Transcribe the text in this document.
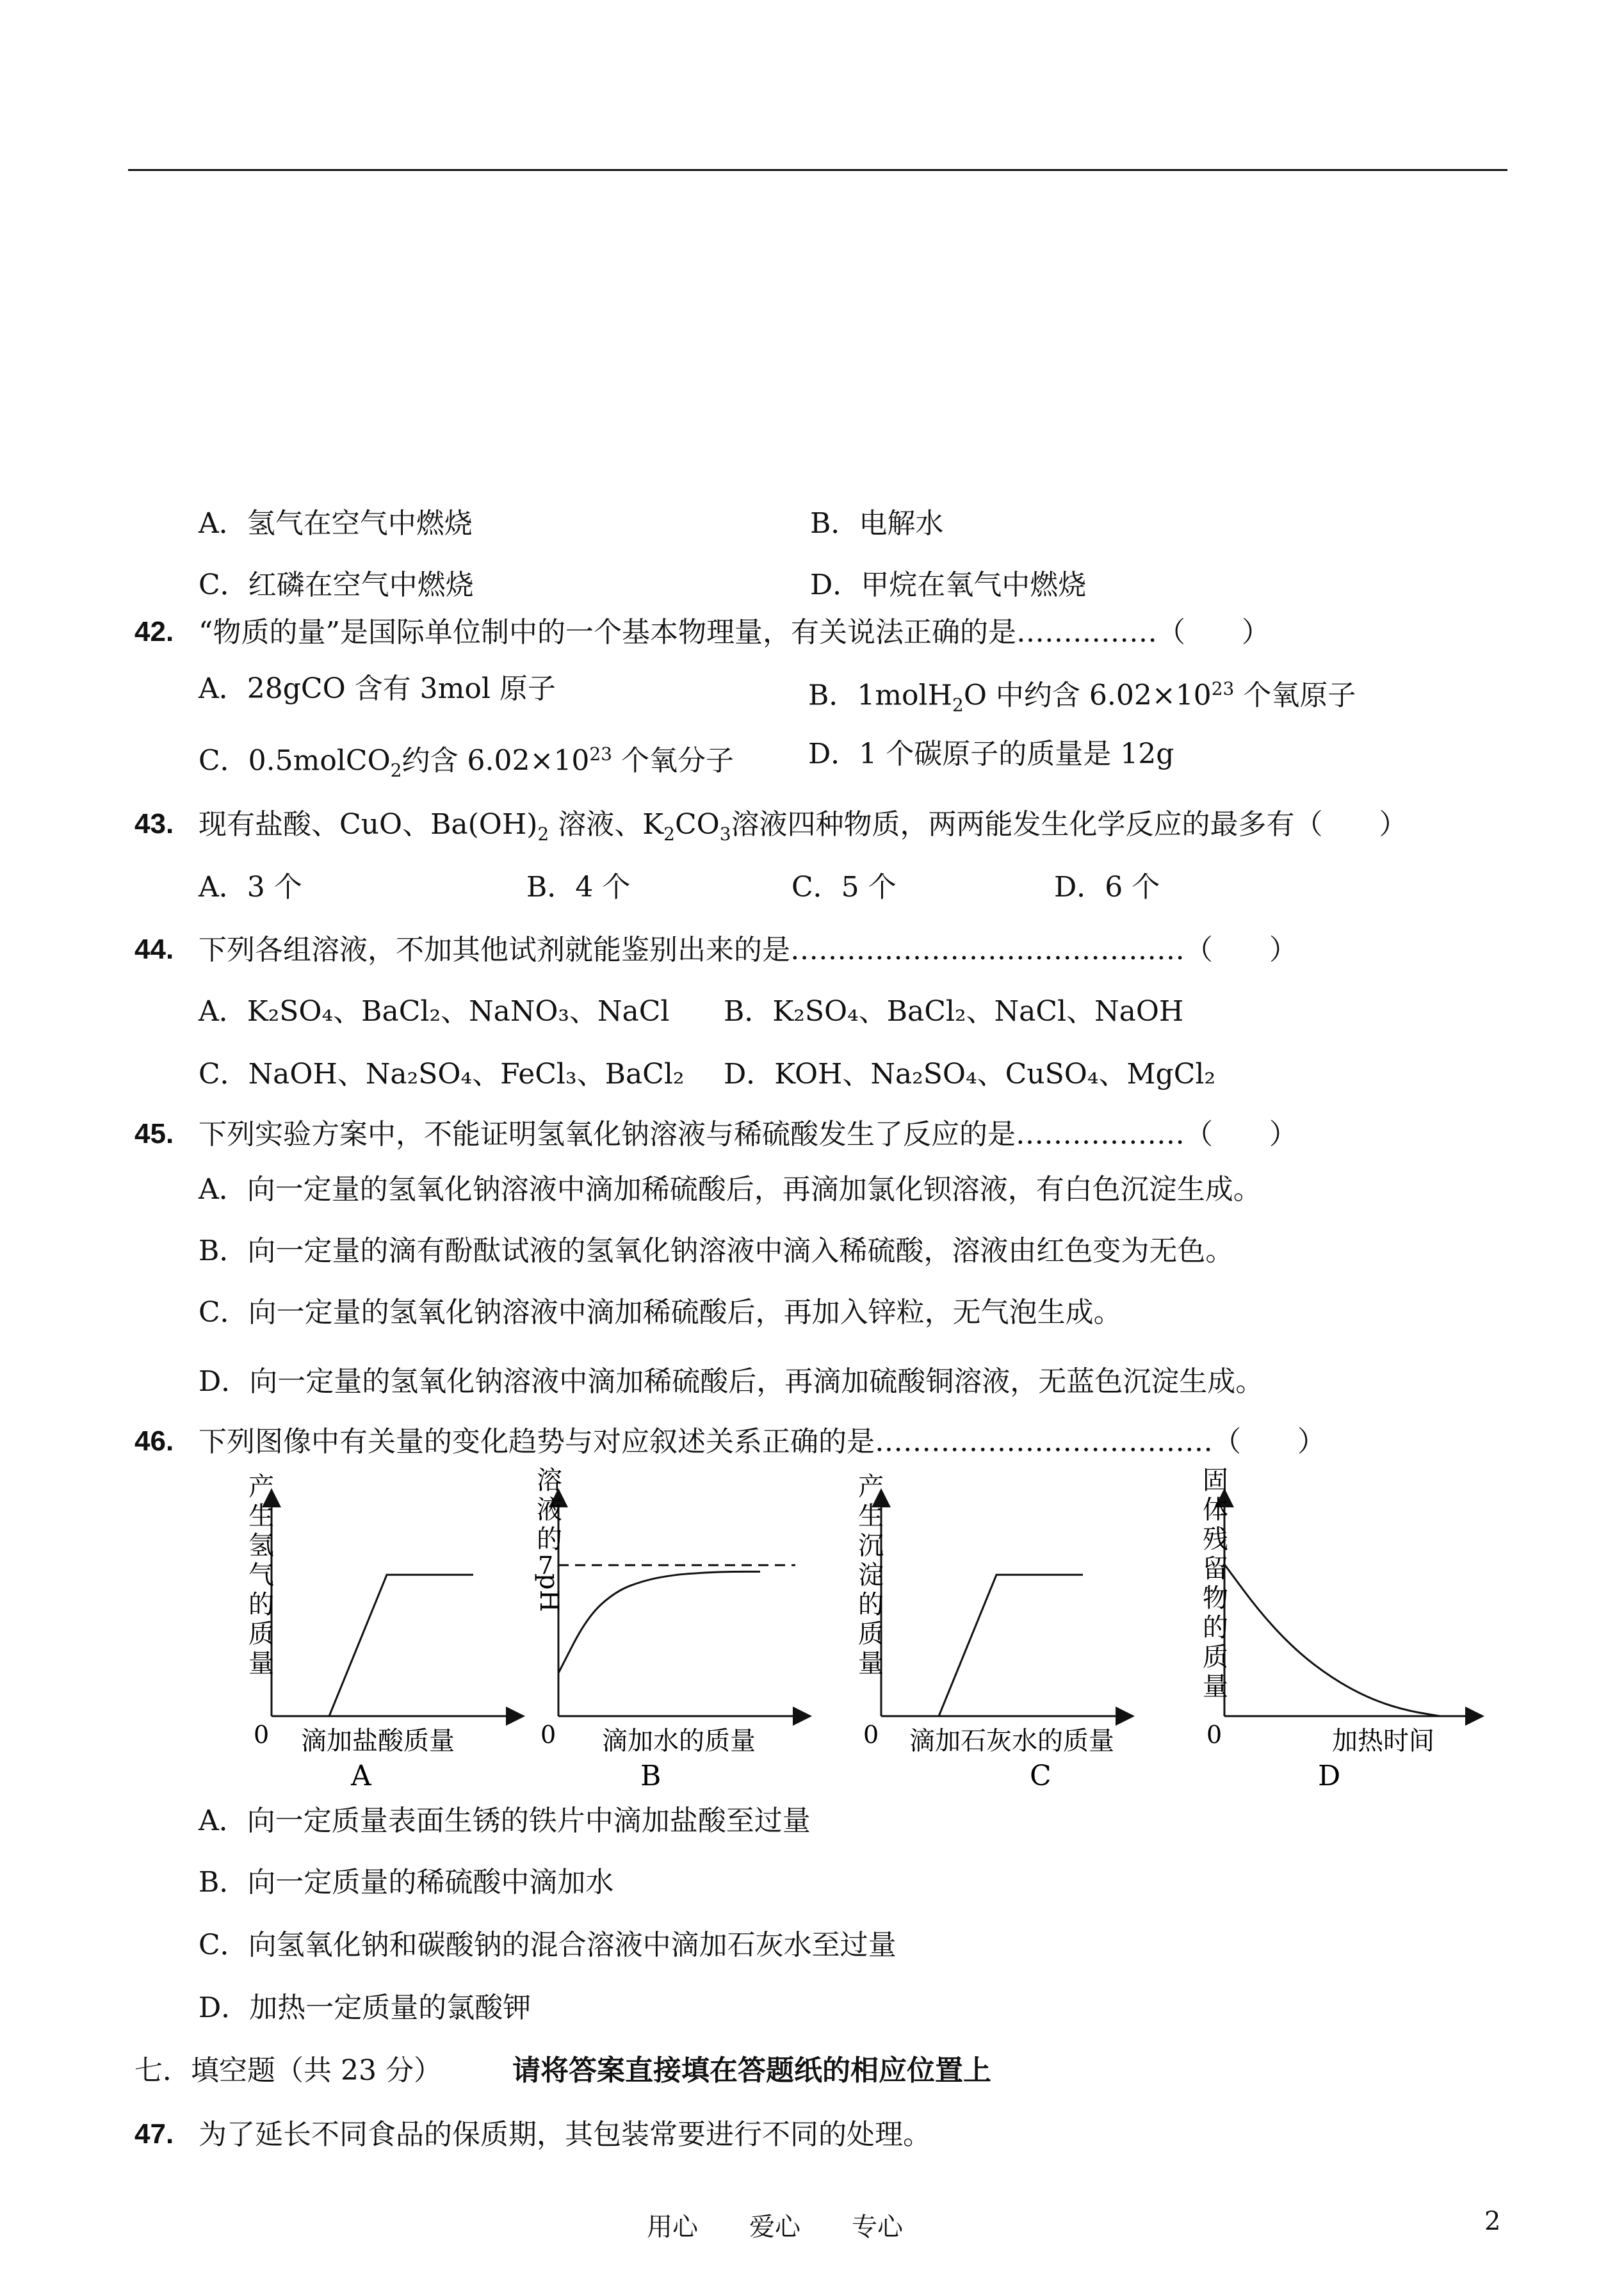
A．氢气在空气中燃烧	B．电解水
C．红磷在空气中燃烧	D．甲烷在氧气中燃烧
42. “物质的量”是国际单位制中的一个基本物理量，有关说法正确的是……………（　　）
A．28gCO 含有 3mol 原子	B．1molH$_2$O 中约含 $6.02\times 10^{23}$ 个氧原子
C．0.5molCO$_2$约含 $6.02\times 10^{23}$ 个氧分子	D．1 个碳原子的质量是 12g
43. 现有盐酸、CuO、$Ba(OH)_2$ 溶液、$K_2CO_3$溶液四种物质，两两能发生化学反应的最多有（　　）
A．3 个	B．4 个	C．5 个	D．6 个
44. 下列各组溶液，不加其他试剂就能鉴别出来的是……………………………………（　　）
A．K₂SO₄、BaCl₂、NaNO₃、NaCl B．K₂SO₄、BaCl₂、NaCl、NaOH
C．NaOH、Na₂SO₄、FeCl₃、BaCl₂ D．KOH、Na₂SO₄、CuSO₄、MgCl₂
45. 下列实验方案中，不能证明氢氧化钠溶液与稀硫酸发生了反应的是………………（　　）
A．向一定量的氢氧化钠溶液中滴加稀硫酸后，再滴加氯化钡溶液，有白色沉淀生成。
B．向一定量的滴有酚酞试液的氢氧化钠溶液中滴入稀硫酸，溶液由红色变为无色。
C．向一定量的氢氧化钠溶液中滴加稀硫酸后，再加入锌粒，无气泡生成。
D．向一定量的氢氧化钠溶液中滴加稀硫酸后，再滴加硫酸铜溶液，无蓝色沉淀生成。
46. 下列图像中有关量的变化趋势与对应叙述关系正确的是………………………………（　　）
0 滴加盐酸质量
A
产
生
氢
气
的
质
量
0 滴加水的质量
B
溶
液
的
pH
7
0 滴加石灰水的质量
C
产
生
沉
淀
的
质
量
0	加热时间
D
固
体
残
留
物
的
质
量
A．向一定质量表面生锈的铁片中滴加盐酸至过量
B．向一定质量的稀硫酸中滴加水
C．向氢氧化钠和碳酸钠的混合溶液中滴加石灰水至过量
D．加热一定质量的氯酸钾
七．填空题（共 23 分）	请将答案直接填在答题纸的相应位置上
47. 为了延长不同食品的保质期，其包装常要进行不同的处理。
用心　　爱心　　专心	2
